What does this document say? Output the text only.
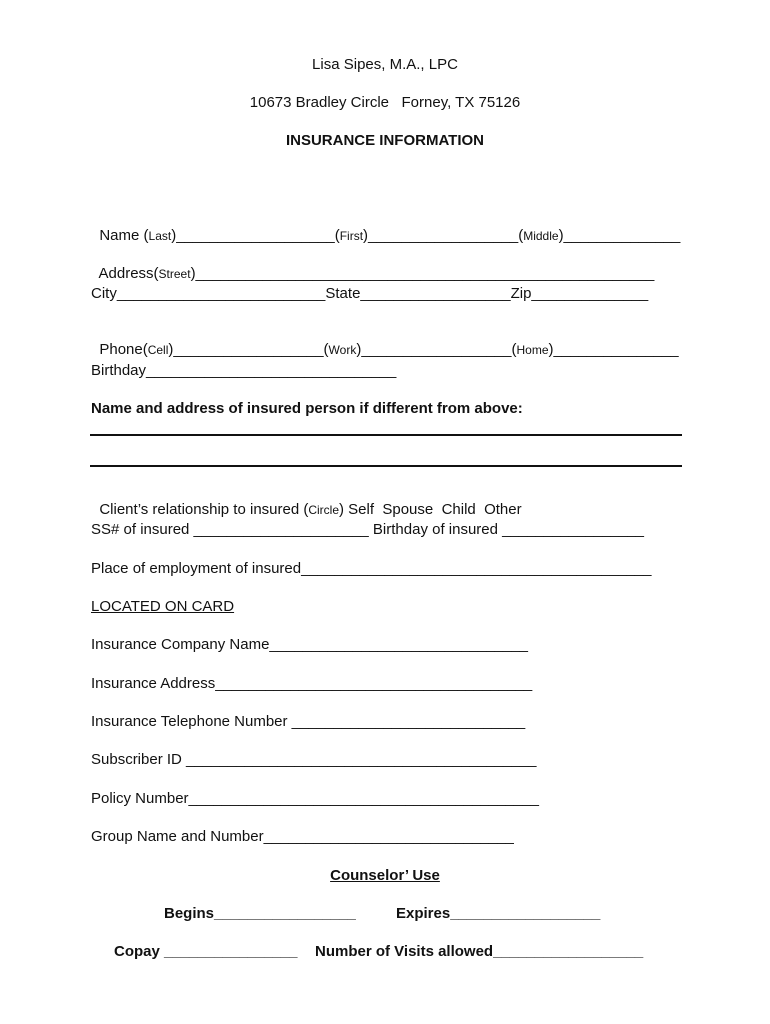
Lisa Sipes, M.A., LPC
10673 Bradley Circle   Forney, TX 75126
INSURANCE INFORMATION

Name (Last)___________________(First)__________________(Middle)______________

Address(Street)_______________________________________________________

City_________________________State__________________Zip______________

Phone(Cell)__________________(Work)__________________(Home)_______________

Birthday______________________________
Name and address of insured person if different from above:

Client’s relationship to insured (Circle) Self  Spouse  Child  Other

SS# of insured _____________________ Birthday of insured _________________
Place of employment of insured__________________________________________
LOCATED ON CARD
Insurance Company Name_______________________________
Insurance Address______________________________________
Insurance Telephone Number ____________________________
Subscriber ID __________________________________________
Policy Number__________________________________________
Group Name and Number______________________________
Counselor’ Use
Begins_________________	Expires__________________
Copay ________________ Number of Visits allowed__________________
